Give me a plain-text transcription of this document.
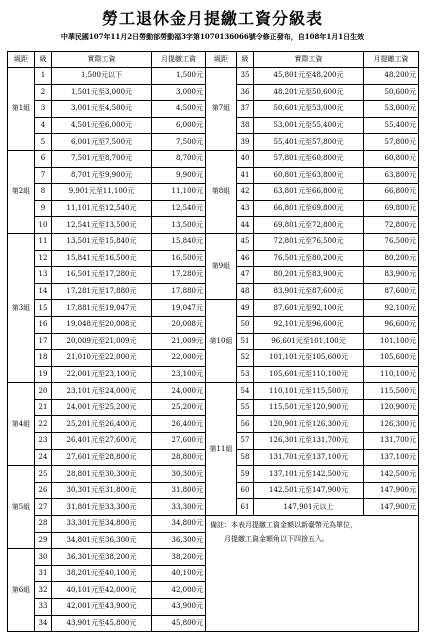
勞工退休金月提繳工資分級表
中華民國107年11月2日勞動部勞動福3字第1070136066號令修正發布，自108年1月1日生效
級距	級	實際工資	月提繳工資	級距	級	實際工資	月提繳工資
第1組	1	1,500元以下	1,500元	第7組	35	45,801元至48,200元	48,200元
	2	1,501元至3,000元	3,000元		36	48,201元至50,600元	50,600元
	3	3,001元至4,500元	4,500元		37	50,601元至53,000元	53,000元
	4	4,501元至6,000元	6,000元		38	53,001元至55,400元	55,400元
	5	6,001元至7,500元	7,500元		39	55,401元至57,800元	57,800元
第2組	6	7,501元至8,700元	8,700元	第8組	40	57,801元至60,800元	60,800元
	7	8,701元至9,900元	9,900元		41	60,801元至63,800元	63,800元
	8	9,901元至11,100元	11,100元		42	63,801元至66,800元	66,800元
	9	11,101元至12,540元	12,540元		43	66,801元至69,800元	69,800元
	10	12,541元至13,500元	13,500元		44	69,801元至72,800元	72,800元
第3組	11	13,501元至15,840元	15,840元	第9組	45	72,801元至76,500元	76,500元
	12	15,841元至16,500元	16,500元		46	76,501元至80,200元	80,200元
	13	16,501元至17,280元	17,280元		47	80,201元至83,900元	83,900元
	14	17,281元至17,880元	17,880元		48	83,901元至87,600元	87,600元
	15	17,881元至19,047元	19,047元	第10組	49	87,601元至92,100元	92,100元
	16	19,048元至20,008元	20,008元		50	92,101元至96,600元	96,600元
	17	20,009元至21,009元	21,009元		51	96,601元至101,100元	101,100元
	18	21,010元至22,000元	22,000元		52	101,101元至105,600元	105,600元
	19	22,001元至23,100元	23,100元		53	105,601元至110,100元	110,100元
第4組	20	23,101元至24,000元	24,000元	第11組	54	110,101元至115,500元	115,500元
	21	24,001元至25,200元	25,200元		55	115,501元至120,900元	120,900元
	22	25,201元至26,400元	26,400元		56	120,901元至126,300元	126,300元
	23	26,401元至27,600元	27,600元		57	126,301元至131,700元	131,700元
	24	27,601元至28,800元	28,800元		58	131,701元至137,100元	137,100元
第5組	25	28,801元至30,300元	30,300元		59	137,101元至142,500元	142,500元
	26	30,301元至31,800元	31,800元		60	142,501元至147,900元	147,900元
	27	31,801元至33,300元	33,300元		61	147,901元以上	147,900元
	28	33,301元至34,800元	34,800元	備註：本表月提繳工資金額以新臺幣元為單位，
月提繳工資金額角以下四捨五入。			

	29	34,801元至36,300元	36,300元				
第6組	30	36,301元至38,200元	38,200元				
	31	38,201元至40,100元	40,100元				
	32	40,101元至42,000元	42,000元				
	33	42,001元至43,900元	43,900元				
	34	43,901元至45,800元	45,800元				
